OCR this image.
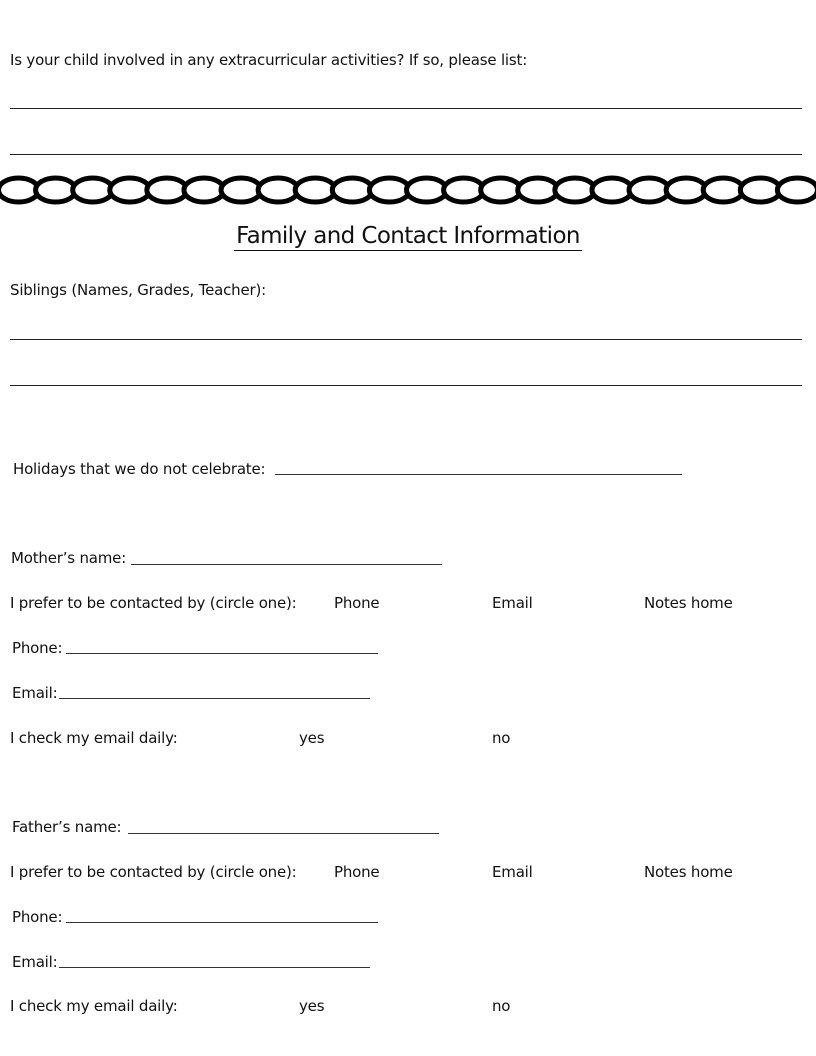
Is your child involved in any extracurricular activities? If so, please list:
Family and Contact Information
Siblings (Names, Grades, Teacher):
Holidays that we do not celebrate:
Mother’s name:
I prefer to be contacted by (circle one): Phone	Email	Notes home
Phone:
Email:
I check my email daily:	yes	no
Father’s name:
I prefer to be contacted by (circle one): Phone	Email	Notes home
Phone:
Email:
I check my email daily:	yes	no
